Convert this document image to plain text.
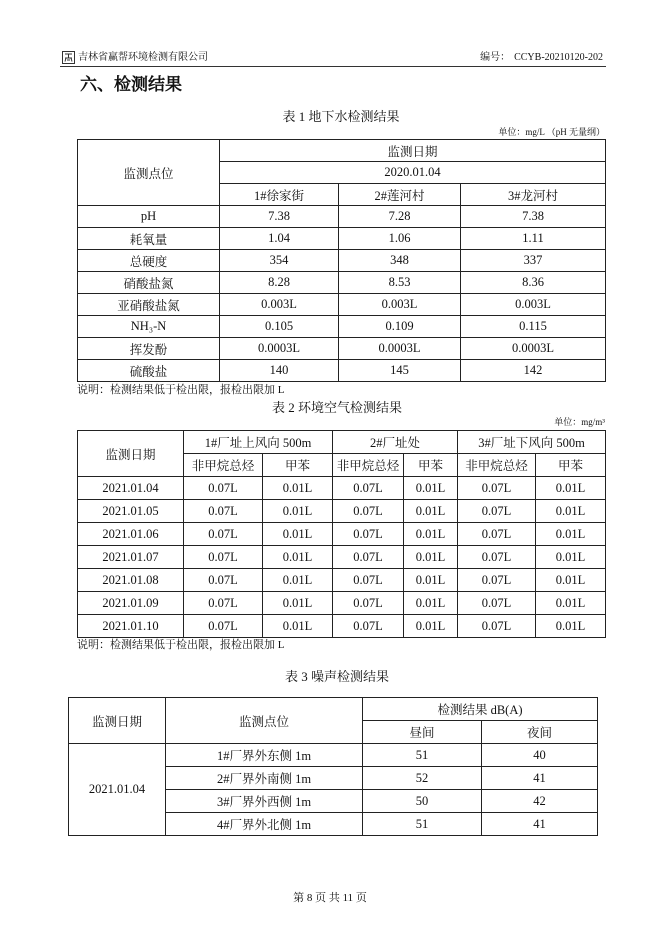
吉林省赢帮环境检测有限公司	编号： CCYB-20210120-202
六、检测结果
表 1 地下水检测结果
单位：mg/L （pH 无量纲）
监测点位	监测日期		
	2020.01.04		
	1#徐家街	2#莲河村	3#龙河村
pH	7.38	7.28	7.38
耗氧量	1.04	1.06	1.11
总硬度	354	348	337
硝酸盐氮	8.28	8.53	8.36
亚硝酸盐氮	0.003L	0.003L	0.003L
NH₃-N	0.105	0.109	0.115
挥发酚	0.0003L	0.0003L	0.0003L
硫酸盐	140	145	142
说明：检测结果低于检出限，报检出限加 L
表 2 环境空气检测结果
单位：mg/m³
监测日期	1#厂址上风向 500m		2#厂址处		3#厂址下风向 500m	
	非甲烷总烃	甲苯	非甲烷总烃	甲苯	非甲烷总烃	甲苯
2021.01.04	0.07L	0.01L	0.07L	0.01L	0.07L	0.01L
2021.01.05	0.07L	0.01L	0.07L	0.01L	0.07L	0.01L
2021.01.06	0.07L	0.01L	0.07L	0.01L	0.07L	0.01L
2021.01.07	0.07L	0.01L	0.07L	0.01L	0.07L	0.01L
2021.01.08	0.07L	0.01L	0.07L	0.01L	0.07L	0.01L
2021.01.09	0.07L	0.01L	0.07L	0.01L	0.07L	0.01L
2021.01.10	0.07L	0.01L	0.07L	0.01L	0.07L	0.01L
说明：检测结果低于检出限，报检出限加 L
表 3 噪声检测结果
监测日期	监测点位	检测结果 dB(A)	
		昼间	夜间
2021.01.04	1#厂界外东侧 1m	51	40
	2#厂界外南侧 1m	52	41
	3#厂界外西侧 1m	50	42
	4#厂界外北侧 1m	51	41
第 8 页 共 11 页
